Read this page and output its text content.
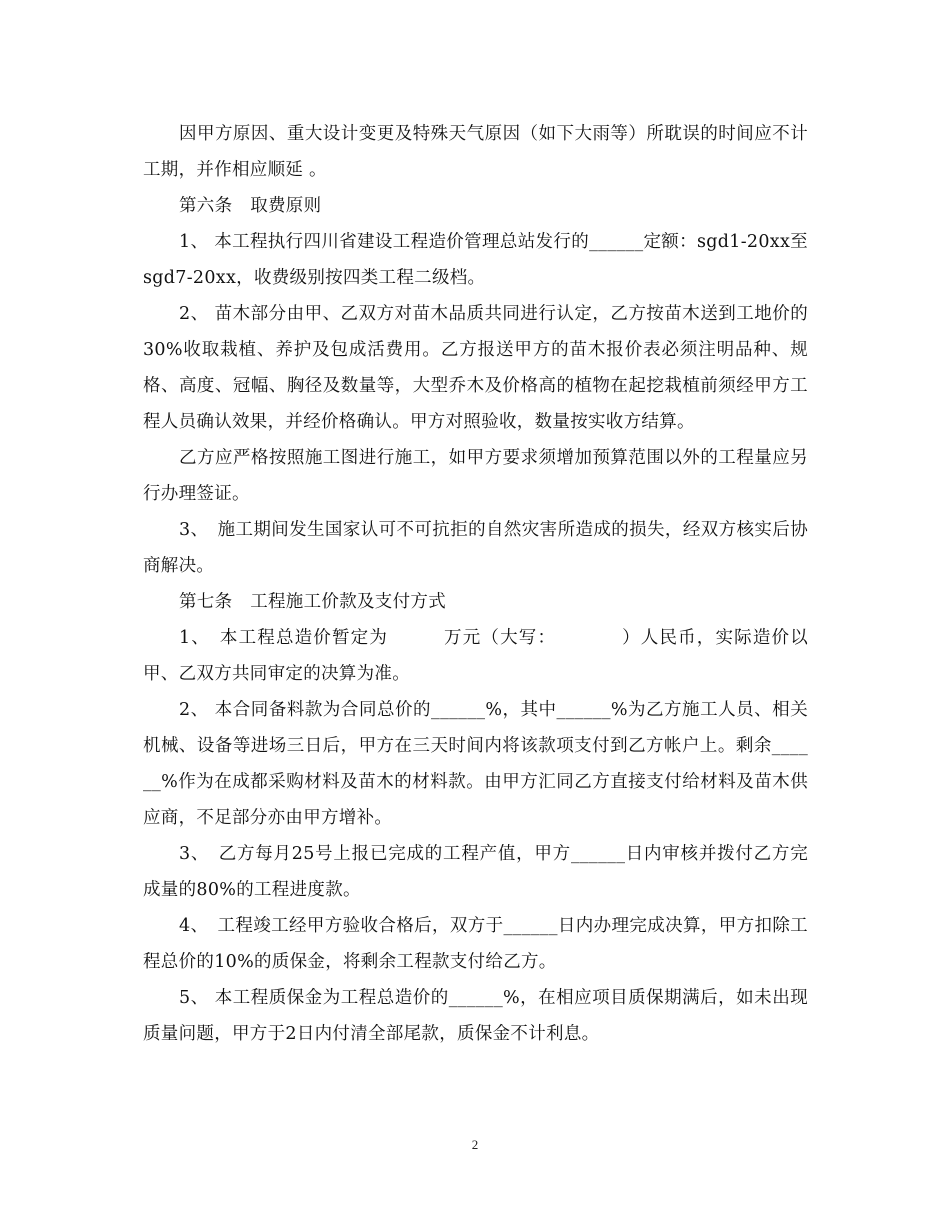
因甲方原因、重大设计变更及特殊天气原因（如下大雨等）所耽误的时间应不计工期，并作相应顺延 。

第六条　取费原则

1、 本工程执行四川省建设工程造价管理总站发行的______定额：sgd1-20xx至sgd7-20xx，收费级别按四类工程二级档。

2、 苗木部分由甲、乙双方对苗木品质共同进行认定，乙方按苗木送到工地价的30%收取栽植、养护及包成活费用。乙方报送甲方的苗木报价表必须注明品种、规格、高度、冠幅、胸径及数量等，大型乔木及价格高的植物在起挖栽植前须经甲方工程人员确认效果，并经价格确认。甲方对照验收，数量按实收方结算。

乙方应严格按照施工图进行施工，如甲方要求须增加预算范围以外的工程量应另行办理签证。

3、　施工期间发生国家认可不可抗拒的自然灾害所造成的损失，经双方核实后协商解决。

第七条　工程施工价款及支付方式

1、　本工程总造价暂定为　　　万元（大写：　　　　）人民币，实际造价以甲、乙双方共同审定的决算为准。

2、 本合同备料款为合同总价的______%，其中______%为乙方施工人员、相关机械、设备等进场三日后，甲方在三天时间内将该款项支付到乙方帐户上。剩余______%作为在成都采购材料及苗木的材料款。由甲方汇同乙方直接支付给材料及苗木供应商，不足部分亦由甲方增补。

3、　乙方每月25号上报已完成的工程产值，甲方______日内审核并拨付乙方完成量的80%的工程进度款。

4、　工程竣工经甲方验收合格后，双方于______日内办理完成决算，甲方扣除工程总价的10%的质保金，将剩余工程款支付给乙方。

5、 本工程质保金为工程总造价的______%，在相应项目质保期满后，如未出现质量问题，甲方于2日内付清全部尾款，质保金不计利息。

2
